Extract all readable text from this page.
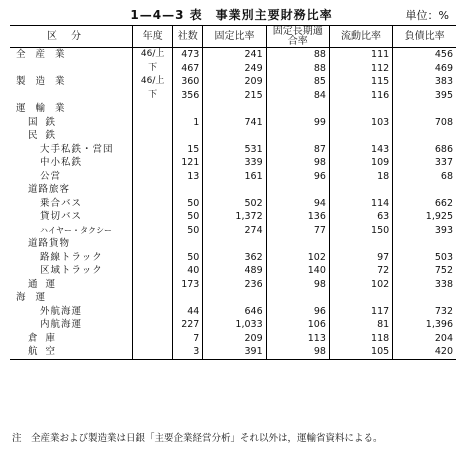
1—4—3 表　事業別主要財務比率	単位：%
区分	年度	社数	固定比率	固定長期適合率	流動比率	負債比率
全産業	46/上	473	241	88	111	456
	下	467	249	88	112	469
製造業	46/上	360	209	85	115	383
	下	356	215	84	116	395
運輸業						
国鉄		1	741	99	103	708
民鉄						
大手私鉄・営団		15	531	87	143	686
中小私鉄		121	339	98	109	337
公営		13	161	96	18	68
道路旅客						
乗合バス		50	502	94	114	662
貸切バス		50	1,372	136	63	1,925
ハイヤー・タクシー		50	274	77	150	393
道路貨物						
路線トラック		50	362	102	97	503
区域トラック		40	489	140	72	752
通運		173	236	98	102	338
海運						
外航海運		44	646	96	117	732
内航海運		227	1,033	106	81	1,396
倉庫		7	209	113	118	204
航空		3	391	98	105	420
注　全産業および製造業は日銀「主要企業経営分析」それ以外は，運輸省資料による。
